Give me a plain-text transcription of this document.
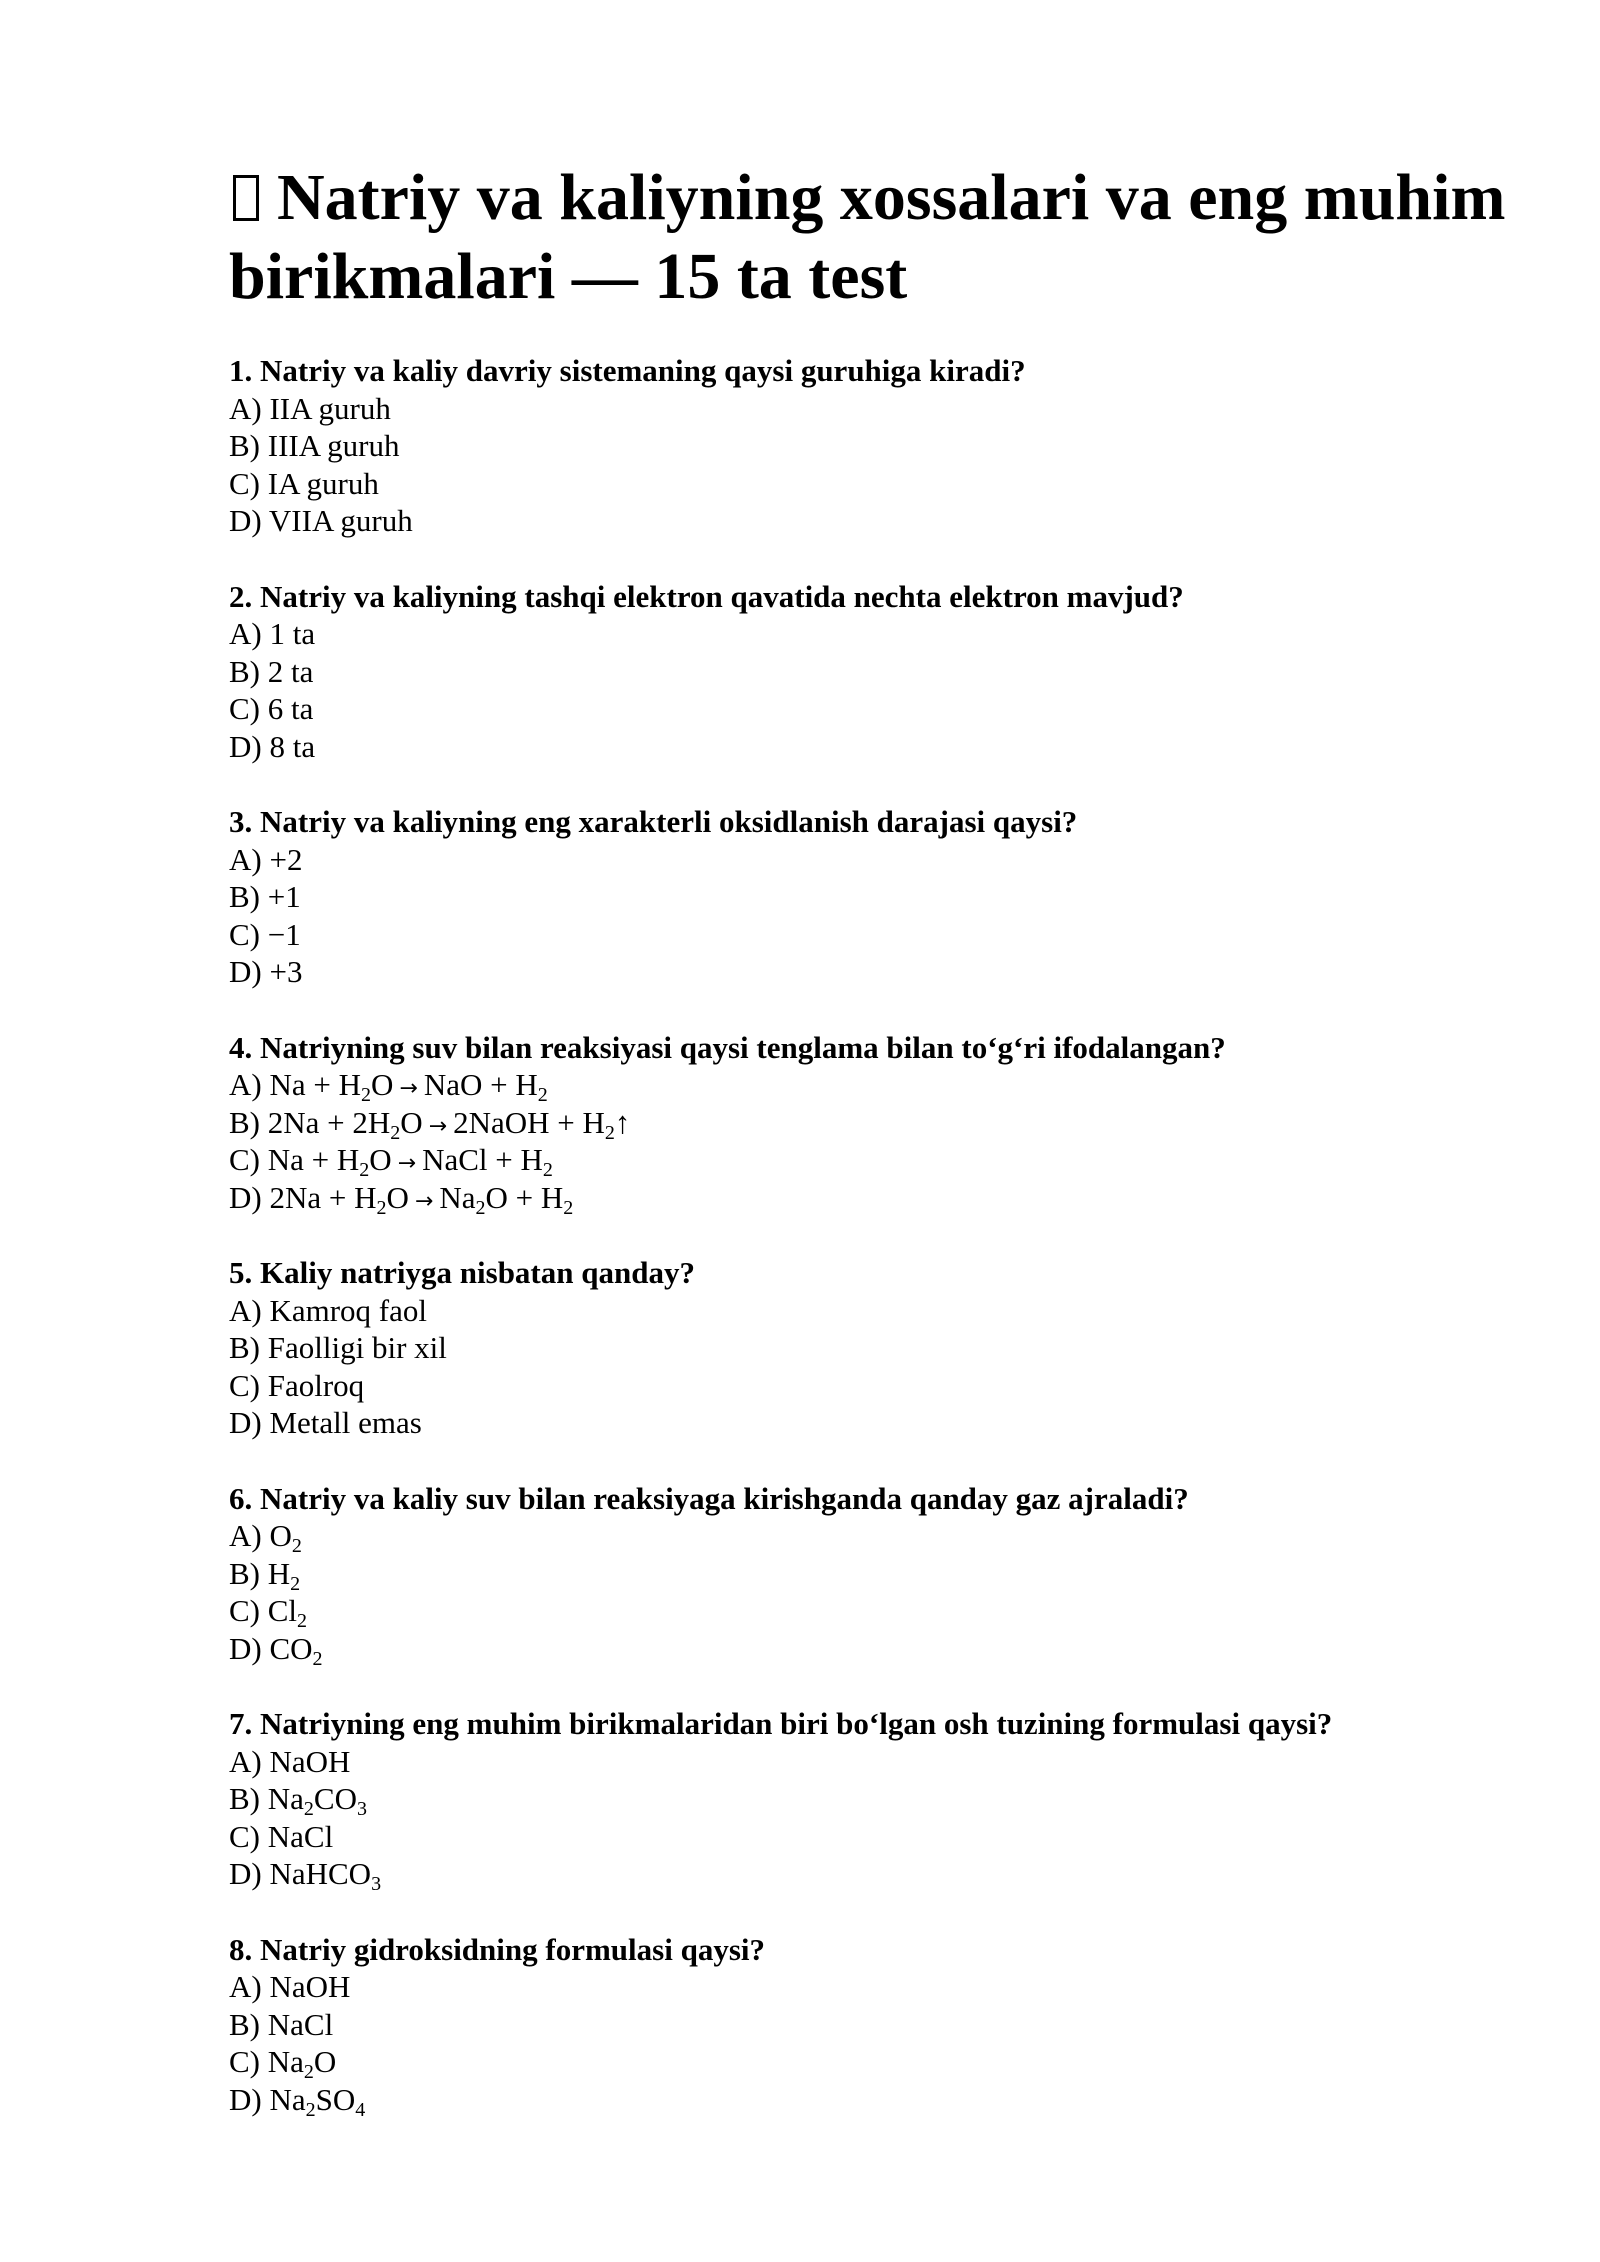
Natriy va kaliyning xossalari va eng muhim birikmalari — 15 ta test
1. Natriy va kaliy davriy sistemaning qaysi guruhiga kiradi?
A) IIA guruh
B) IIIA guruh
C) IA guruh
D) VIIA guruh
2. Natriy va kaliyning tashqi elektron qavatida nechta elektron mavjud?
A) 1 ta
B) 2 ta
C) 6 ta
D) 8 ta
3. Natriy va kaliyning eng xarakterli oksidlanish darajasi qaysi?
A) +2
B) +1
C) −1
D) +3
4. Natriyning suv bilan reaksiyasi qaysi tenglama bilan to‘g‘ri ifodalangan?
A) $Na + H_2O$ → NaO + $H_2$
B) $2Na + 2H_2O$ → 2NaOH + $H_2↑$
C) $Na + H_2O$ → NaCl + $H_2$
D) $2Na + H_2O \to Na_2O + H_2$
5. Kaliy natriyga nisbatan qanday?
A) Kamroq faol
B) Faolligi bir xil
C) Faolroq
D) Metall emas
6. Natriy va kaliy suv bilan reaksiyaga kirishganda qanday gaz ajraladi?
A) $O_2$
B) $H_2$
C) $Cl_2$
D) $CO_2$
7. Natriyning eng muhim birikmalaridan biri bo‘lgan osh tuzining formulasi qaysi?
A) NaOH
B) $Na_2CO_3$
C) NaCl
D) NaHCO$_3$
8. Natriy gidroksidning formulasi qaysi?
A) NaOH
B) NaCl
C) $Na_2O$
D) $Na_2SO_4$
